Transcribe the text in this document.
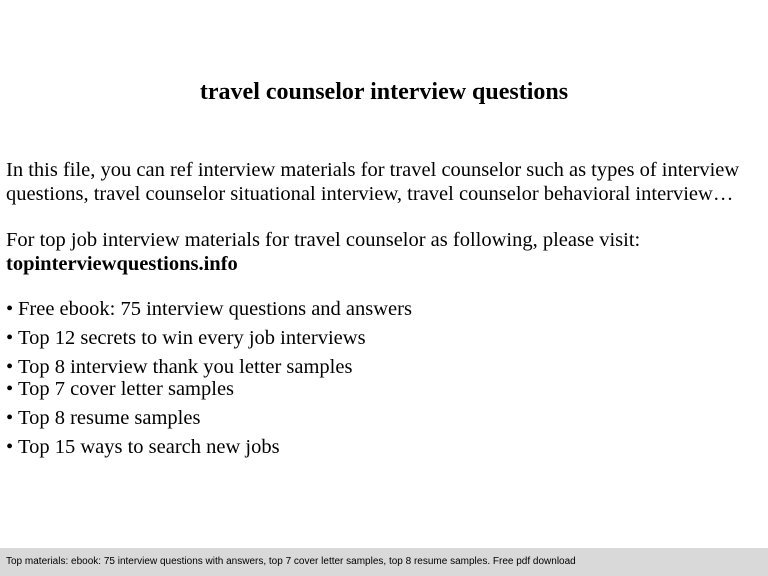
travel counselor interview questions

In this file, you can ref interview materials for travel counselor such as types of interview questions, travel counselor situational interview, travel counselor behavioral interview…

For top job interview materials for travel counselor as following, please visit:
topinterviewquestions.info

• Free ebook: 75 interview questions and answers
• Top 12 secrets to win every job interviews
• Top 8 interview thank you letter samples
• Top 7 cover letter samples
• Top 8 resume samples
• Top 15 ways to search new jobs
Top materials: ebook: 75 interview questions with answers, top 7 cover letter samples, top 8 resume samples. Free pdf download
